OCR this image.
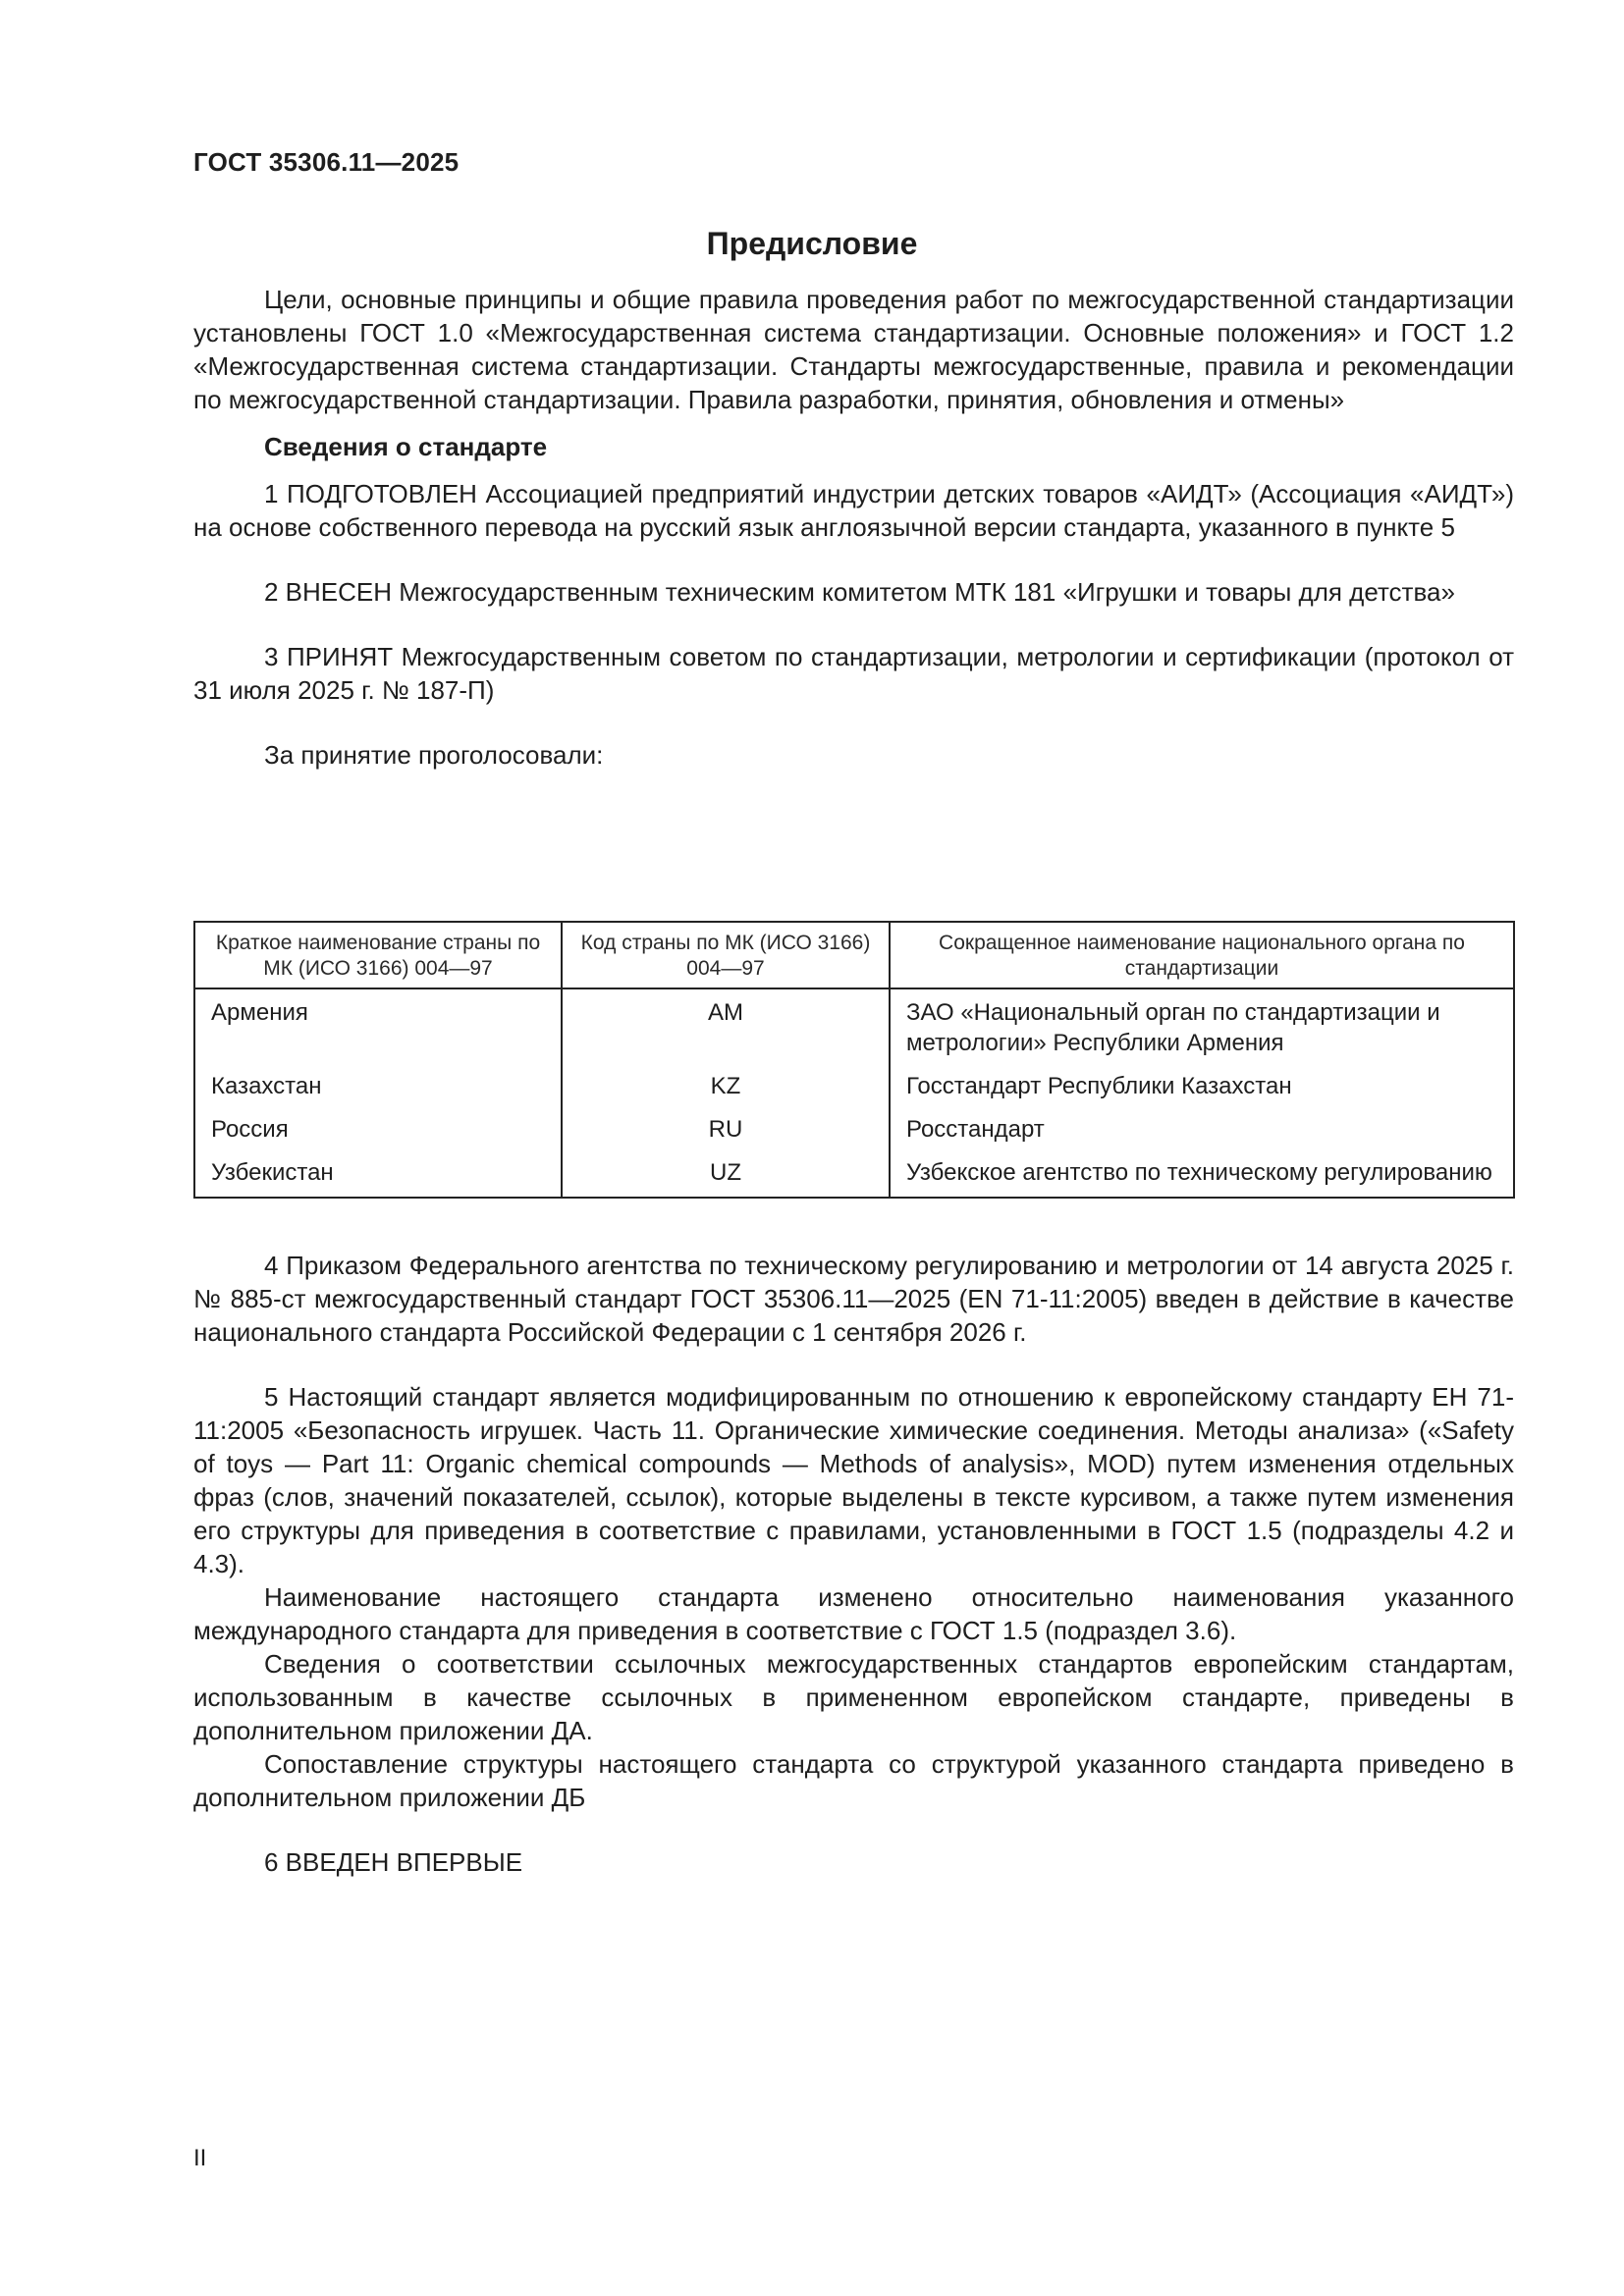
ГОСТ 35306.11—2025
Предисловие

Цели, основные принципы и общие правила проведения работ по межгосударственной стандартизации установлены ГОСТ 1.0 «Межгосударственная система стандартизации. Основные положения» и ГОСТ 1.2 «Межгосударственная система стандартизации. Стандарты межгосударственные, правила и рекомендации по межгосударственной стандартизации. Правила разработки, принятия, обновления и отмены»

Сведения о стандарте

1 ПОДГОТОВЛЕН Ассоциацией предприятий индустрии детских товаров «АИДТ» (Ассоциация «АИДТ») на основе собственного перевода на русский язык англоязычной версии стандарта, указанного в пункте 5

2 ВНЕСЕН Межгосударственным техническим комитетом МТК 181 «Игрушки и товары для детства»

3 ПРИНЯТ Межгосударственным советом по стандартизации, метрологии и сертификации (протокол от 31 июля 2025 г. № 187-П)

За принятие проголосовали:

Краткое наименование страны по МК (ИСО 3166) 004—97	Код страны по МК (ИСО 3166) 004—97	Сокращенное наименование национального органа по стандартизации
Армения	AM	ЗАО «Национальный орган по стандартизации и метрологии» Республики Армения
Казахстан	KZ	Госстандарт Республики Казахстан
Россия	RU	Росстандарт
Узбекистан	UZ	Узбекское агентство по техническому регулированию

4 Приказом Федерального агентства по техническому регулированию и метрологии от 14 августа 2025 г. № 885-ст межгосударственный стандарт ГОСТ 35306.11—2025 (EN 71-11:2005) введен в действие в качестве национального стандарта Российской Федерации с 1 сентября 2026 г.

5 Настоящий стандарт является модифицированным по отношению к европейскому стандарту ЕН 71-11:2005 «Безопасность игрушек. Часть 11. Органические химические соединения. Методы анализа» («Safety of toys — Part 11: Organic chemical compounds — Methods of analysis», MOD) путем изменения отдельных фраз (слов, значений показателей, ссылок), которые выделены в тексте курсивом, а также путем изменения его структуры для приведения в соответствие с правилами, установленными в ГОСТ 1.5 (подразделы 4.2 и 4.3).

Наименование настоящего стандарта изменено относительно наименования указанного международного стандарта для приведения в соответствие с ГОСТ 1.5 (подраздел 3.6).

Сведения о соответствии ссылочных межгосударственных стандартов европейским стандартам, использованным в качестве ссылочных в примененном европейском стандарте, приведены в дополнительном приложении ДА.

Сопоставление структуры настоящего стандарта со структурой указанного стандарта приведено в дополнительном приложении ДБ

6 ВВЕДЕН ВПЕРВЫЕ

II
